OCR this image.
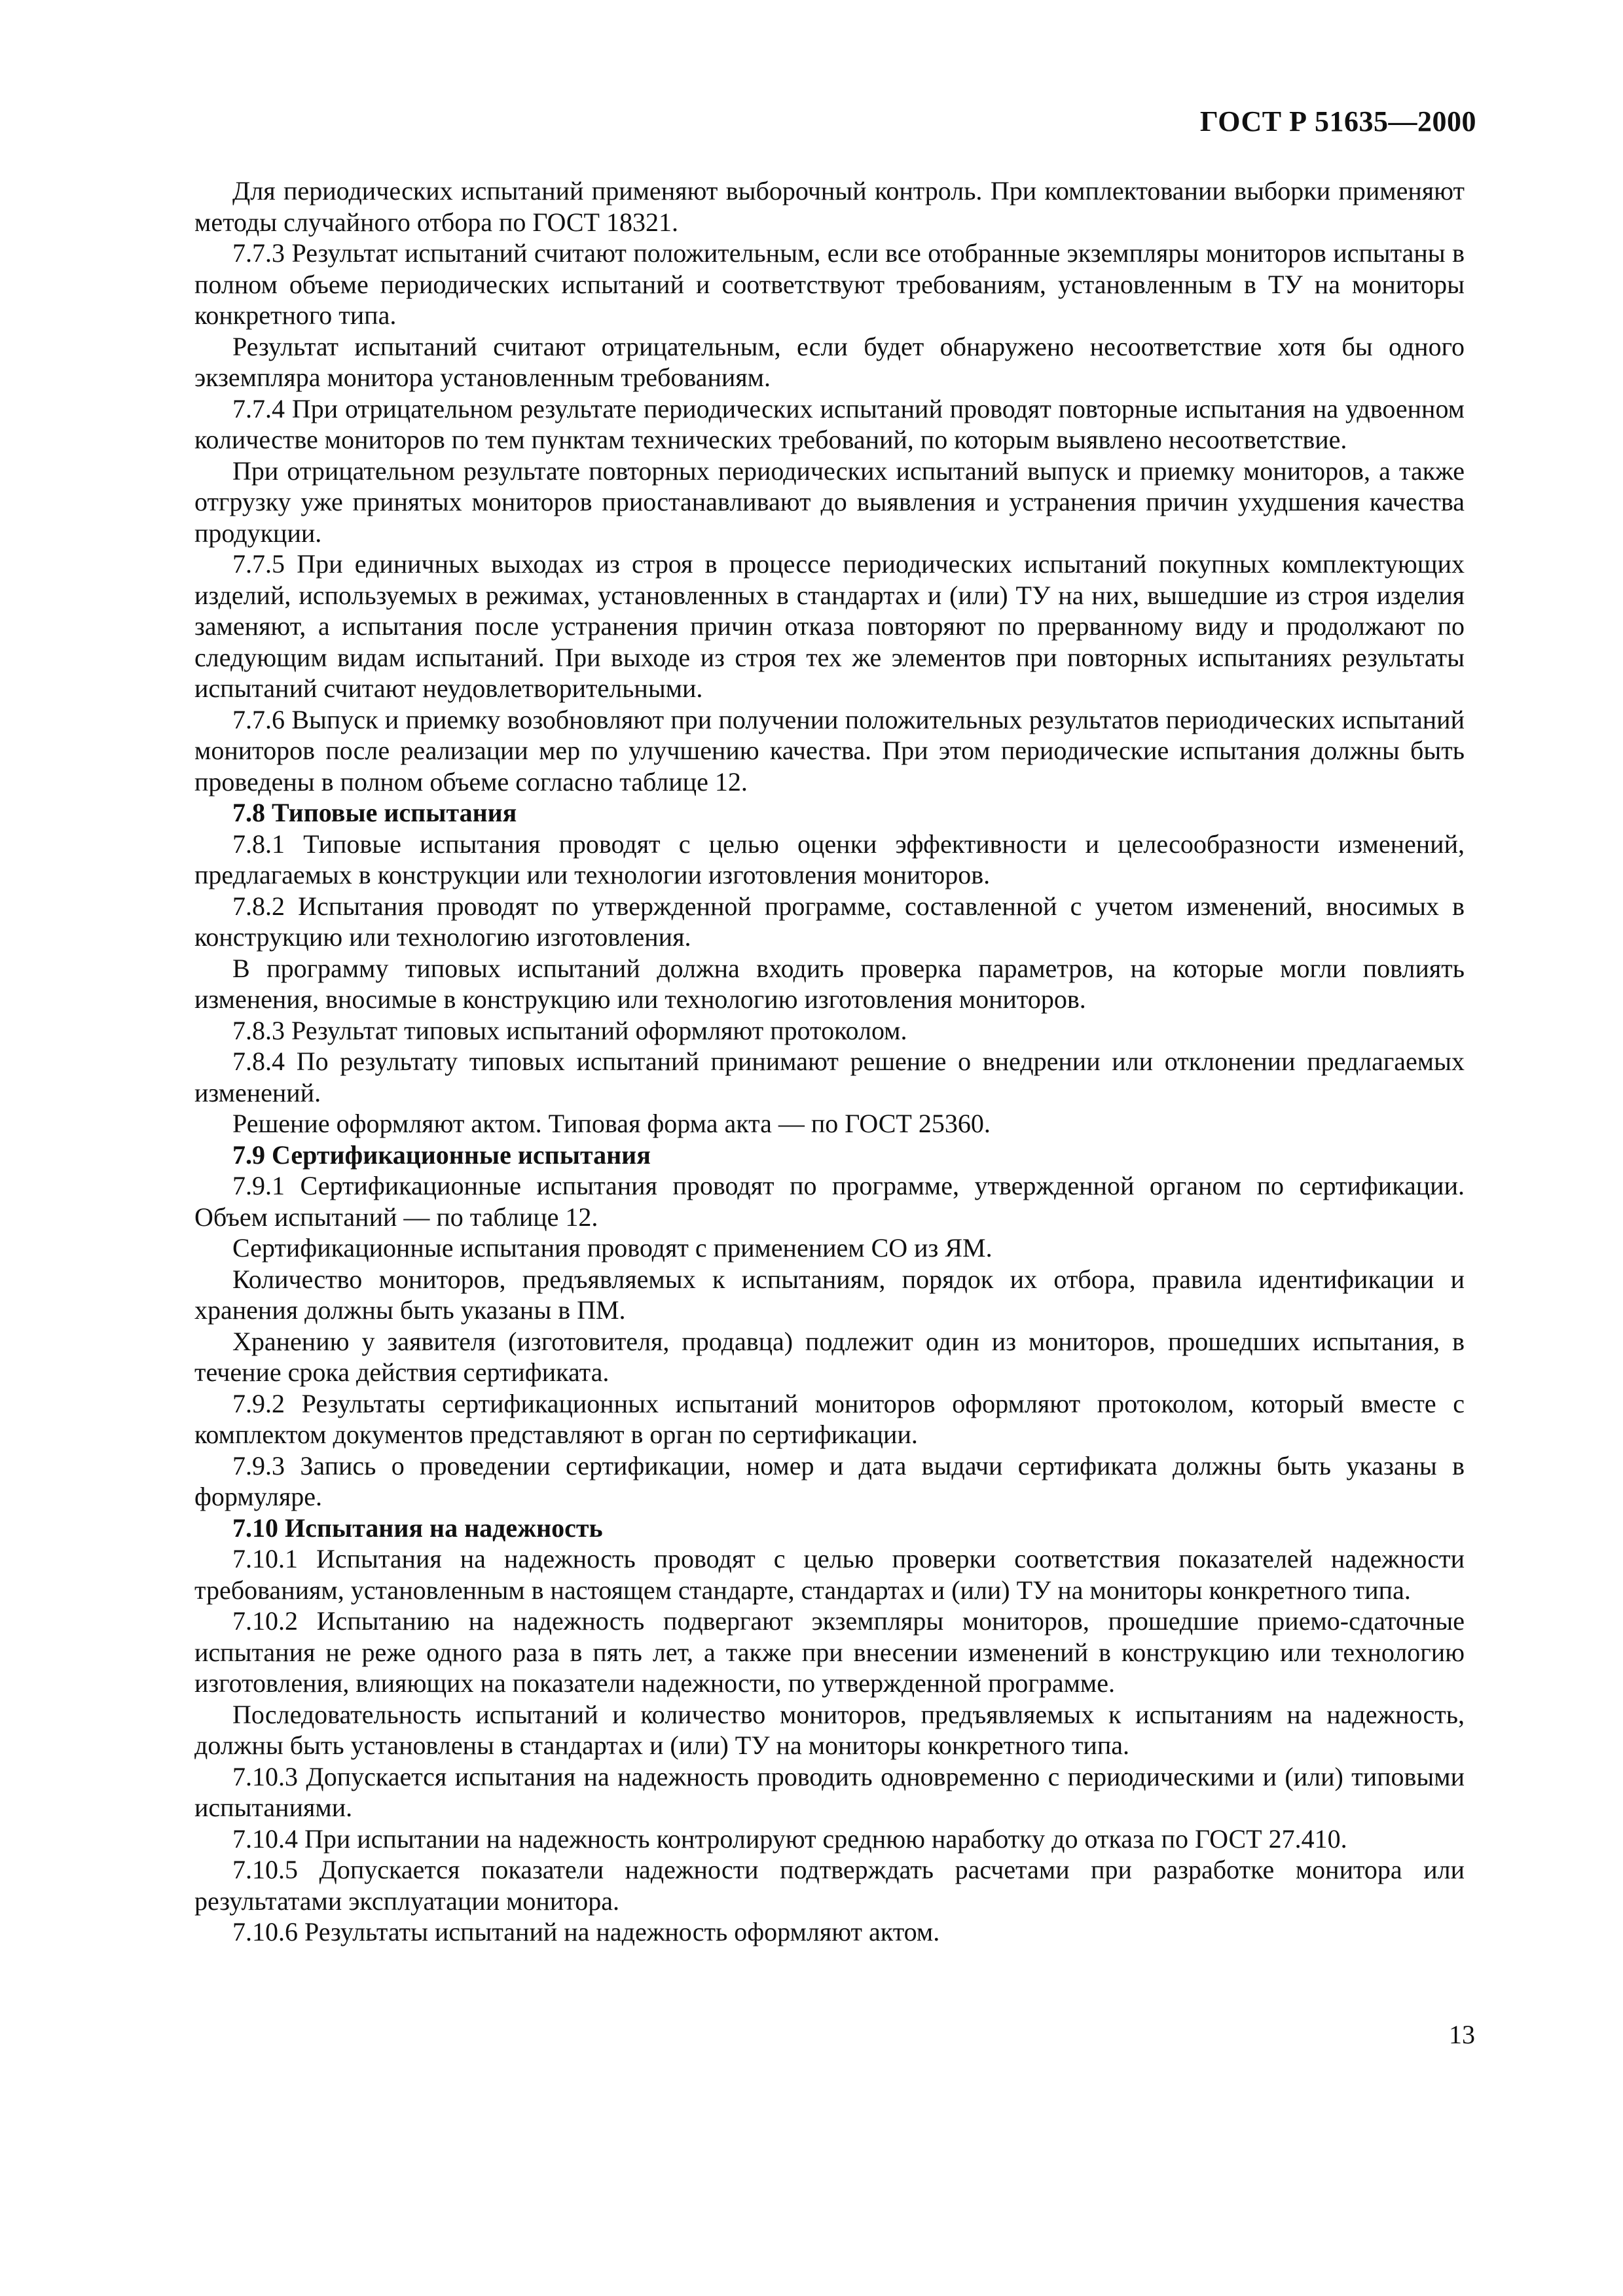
ГОСТ Р 51635—2000

Для периодических испытаний применяют выборочный контроль. При комплектовании выборки применяют методы случайного отбора по ГОСТ 18321.

7.7.3 Результат испытаний считают положительным, если все отобранные экземпляры мониторов испытаны в полном объеме периодических испытаний и соответствуют требованиям, установленным в ТУ на мониторы конкретного типа.

Результат испытаний считают отрицательным, если будет обнаружено несоответствие хотя бы одного экземпляра монитора установленным требованиям.

7.7.4 При отрицательном результате периодических испытаний проводят повторные испытания на удвоенном количестве мониторов по тем пунктам технических требований, по которым выявлено несоответствие.

При отрицательном результате повторных периодических испытаний выпуск и приемку мониторов, а также отгрузку уже принятых мониторов приостанавливают до выявления и устранения причин ухудшения качества продукции.

7.7.5 При единичных выходах из строя в процессе периодических испытаний покупных комплектующих изделий, используемых в режимах, установленных в стандартах и (или) ТУ на них, вышедшие из строя изделия заменяют, а испытания после устранения причин отказа повторяют по прерванному виду и продолжают по следующим видам испытаний. При выходе из строя тех же элементов при повторных испытаниях результаты испытаний считают неудовлетворительными.

7.7.6 Выпуск и приемку возобновляют при получении положительных результатов периодических испытаний мониторов после реализации мер по улучшению качества. При этом периодические испытания должны быть проведены в полном объеме согласно таблице 12.

7.8 Типовые испытания

7.8.1 Типовые испытания проводят с целью оценки эффективности и целесообразности изменений, предлагаемых в конструкции или технологии изготовления мониторов.

7.8.2 Испытания проводят по утвержденной программе, составленной с учетом изменений, вносимых в конструкцию или технологию изготовления.

В программу типовых испытаний должна входить проверка параметров, на которые могли повлиять изменения, вносимые в конструкцию или технологию изготовления мониторов.

7.8.3 Результат типовых испытаний оформляют протоколом.

7.8.4 По результату типовых испытаний принимают решение о внедрении или отклонении предлагаемых изменений.

Решение оформляют актом. Типовая форма акта — по ГОСТ 25360.

7.9 Сертификационные испытания

7.9.1 Сертификационные испытания проводят по программе, утвержденной органом по сертификации. Объем испытаний — по таблице 12.

Сертификационные испытания проводят с применением СО из ЯМ.

Количество мониторов, предъявляемых к испытаниям, порядок их отбора, правила идентификации и хранения должны быть указаны в ПМ.

Хранению у заявителя (изготовителя, продавца) подлежит один из мониторов, прошедших испытания, в течение срока действия сертификата.

7.9.2 Результаты сертификационных испытаний мониторов оформляют протоколом, который вместе с комплектом документов представляют в орган по сертификации.

7.9.3 Запись о проведении сертификации, номер и дата выдачи сертификата должны быть указаны в формуляре.

7.10 Испытания на надежность

7.10.1 Испытания на надежность проводят с целью проверки соответствия показателей надежности требованиям, установленным в настоящем стандарте, стандартах и (или) ТУ на мониторы конкретного типа.

7.10.2 Испытанию на надежность подвергают экземпляры мониторов, прошедшие приемо-сдаточные испытания не реже одного раза в пять лет, а также при внесении изменений в конструкцию или технологию изготовления, влияющих на показатели надежности, по утвержденной программе.

Последовательность испытаний и количество мониторов, предъявляемых к испытаниям на надежность, должны быть установлены в стандартах и (или) ТУ на мониторы конкретного типа.

7.10.3 Допускается испытания на надежность проводить одновременно с периодическими и (или) типовыми испытаниями.

7.10.4 При испытании на надежность контролируют среднюю наработку до отказа по ГОСТ 27.410.

7.10.5 Допускается показатели надежности подтверждать расчетами при разработке монитора или результатами эксплуатации монитора.

7.10.6 Результаты испытаний на надежность оформляют актом.

13
